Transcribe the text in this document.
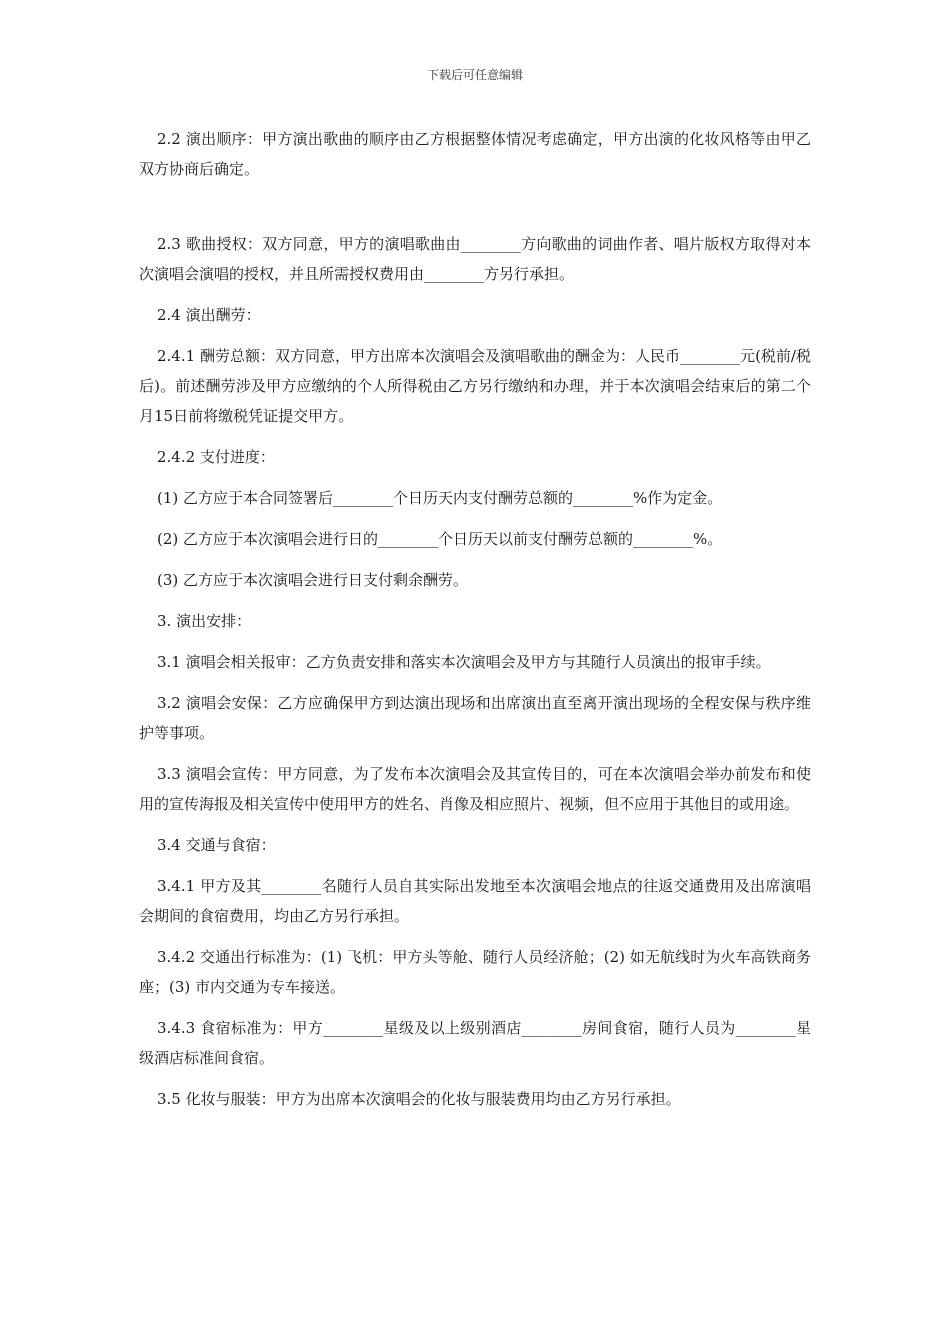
下载后可任意编辑

2.2 演出顺序：甲方演出歌曲的顺序由乙方根据整体情况考虑确定，甲方出演的化妆风格等由甲乙双方协商后确定。

2.3 歌曲授权：双方同意，甲方的演唱歌曲由________方向歌曲的词曲作者、唱片版权方取得对本次演唱会演唱的授权，并且所需授权费用由________方另行承担。

2.4 演出酬劳：

2.4.1 酬劳总额：双方同意，甲方出席本次演唱会及演唱歌曲的酬金为：人民币________元(税前/税后)。前述酬劳涉及甲方应缴纳的个人所得税由乙方另行缴纳和办理，并于本次演唱会结束后的第二个月15日前将缴税凭证提交甲方。

2.4.2 支付进度：

(1) 乙方应于本合同签署后________个日历天内支付酬劳总额的________%作为定金。

(2) 乙方应于本次演唱会进行日的________个日历天以前支付酬劳总额的________%。

(3) 乙方应于本次演唱会进行日支付剩余酬劳。

3. 演出安排：

3.1 演唱会相关报审：乙方负责安排和落实本次演唱会及甲方与其随行人员演出的报审手续。

3.2 演唱会安保：乙方应确保甲方到达演出现场和出席演出直至离开演出现场的全程安保与秩序维护等事项。

3.3 演唱会宣传：甲方同意，为了发布本次演唱会及其宣传目的，可在本次演唱会举办前发布和使用的宣传海报及相关宣传中使用甲方的姓名、肖像及相应照片、视频，但不应用于其他目的或用途。

3.4 交通与食宿：

3.4.1 甲方及其________名随行人员自其实际出发地至本次演唱会地点的往返交通费用及出席演唱会期间的食宿费用，均由乙方另行承担。

3.4.2 交通出行标准为：(1) 飞机：甲方头等舱、随行人员经济舱；(2) 如无航线时为火车高铁商务座；(3) 市内交通为专车接送。

3.4.3 食宿标准为：甲方________星级及以上级别酒店________房间食宿，随行人员为________星级酒店标准间食宿。

3.5 化妆与服装：甲方为出席本次演唱会的化妆与服装费用均由乙方另行承担。
